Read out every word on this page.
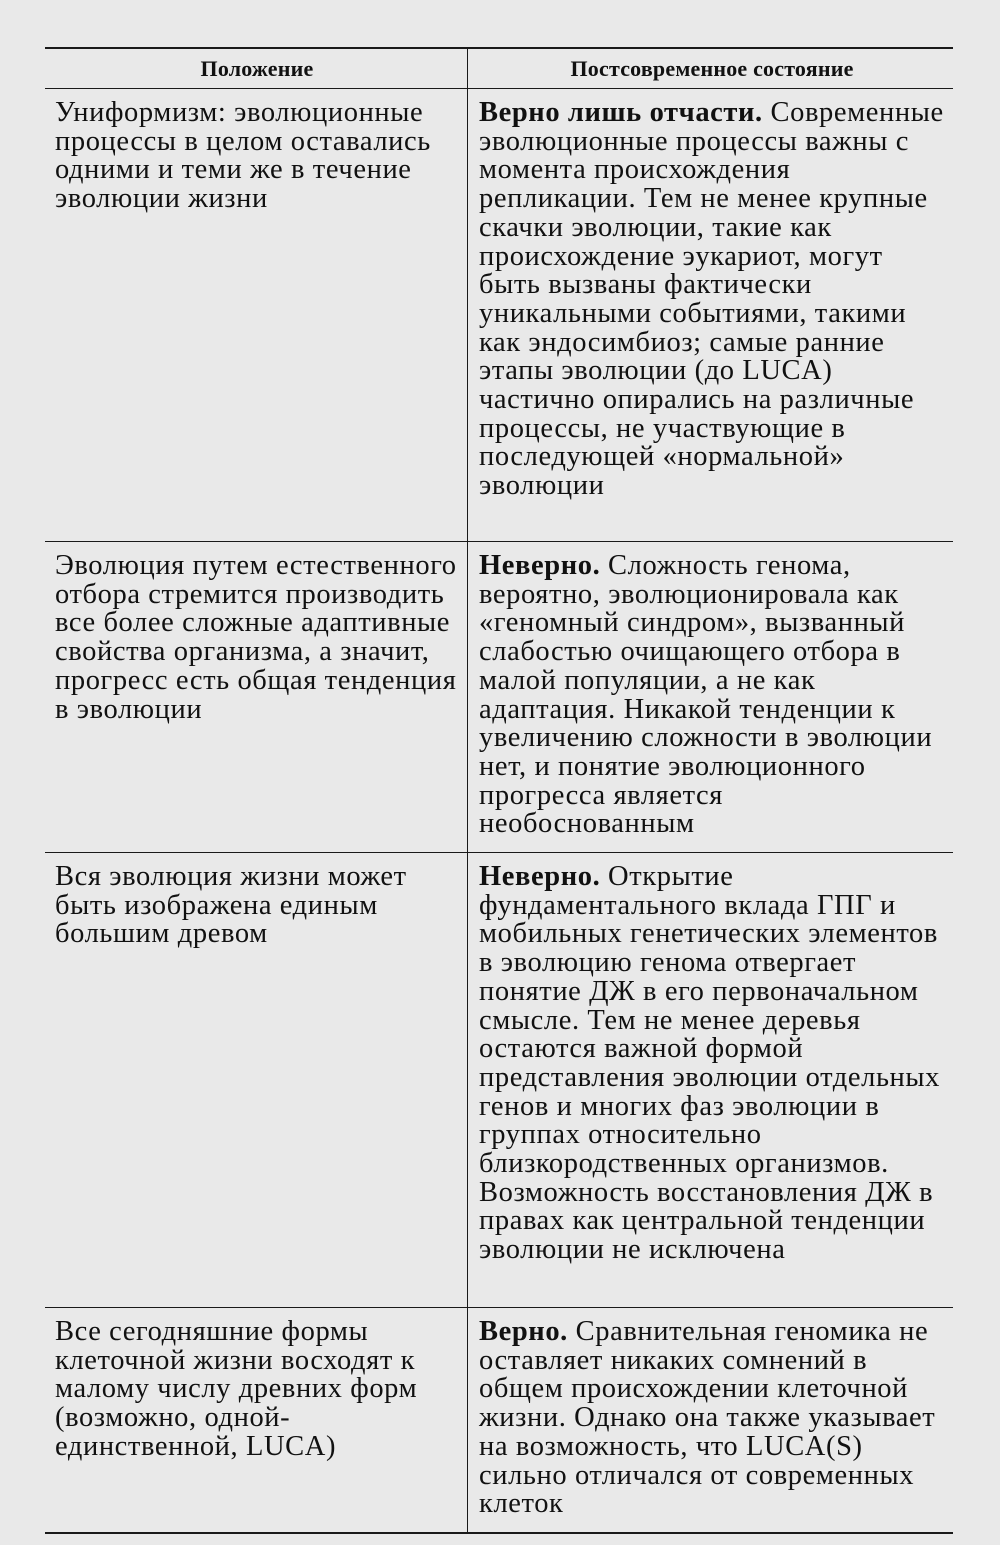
Положение	Постсовременное состояние
Униформизм: эволюционные процессы в целом оставались одними и теми же в течение эволюции жизни
Верно лишь отчасти. Современные эволюционные процессы важны с момента происхождения репликации. Тем не менее крупные скачки эволюции, такие как происхождение эукариот, могут быть вызваны фактически уникальными событиями, такими как эндосимбиоз; самые ранние этапы эволюции (до LUCA) частично опирались на различные процессы, не участвующие в последующей «нормальной» эволюции
Эволюция путем естественного отбора стремится производить все более сложные адаптивные свойства организма, а значит, прогресс есть общая тенденция в эволюции
Неверно. Сложность генома, вероятно, эволюционировала как «геномный синдром», вызванный слабостью очищающего отбора в малой популяции, а не как адаптация. Никакой тенденции к увеличению сложности в эволюции нет, и понятие эволюционного прогресса является необоснованным
Вся эволюция жизни может быть изображена единым большим древом
Неверно. Открытие фундаментального вклада ГПГ и мобильных генетических элементов в эволюцию генома отвергает понятие ДЖ в его первоначальном смысле. Тем не менее деревья остаются важной формой представления эволюции отдельных генов и многих фаз эволюции в группах относительно близкородственных организмов. Возможность восстановления ДЖ в правах как центральной тенденции эволюции не исключена
Все сегодняшние формы клеточной жизни восходят к малому числу древних форм (возможно, одной-единственной, LUCA)
Верно. Сравнительная геномика не оставляет никаких сомнений в общем происхождении клеточной жизни. Однако она также указывает на возможность, что LUCA(S) сильно отличался от современных клеток
